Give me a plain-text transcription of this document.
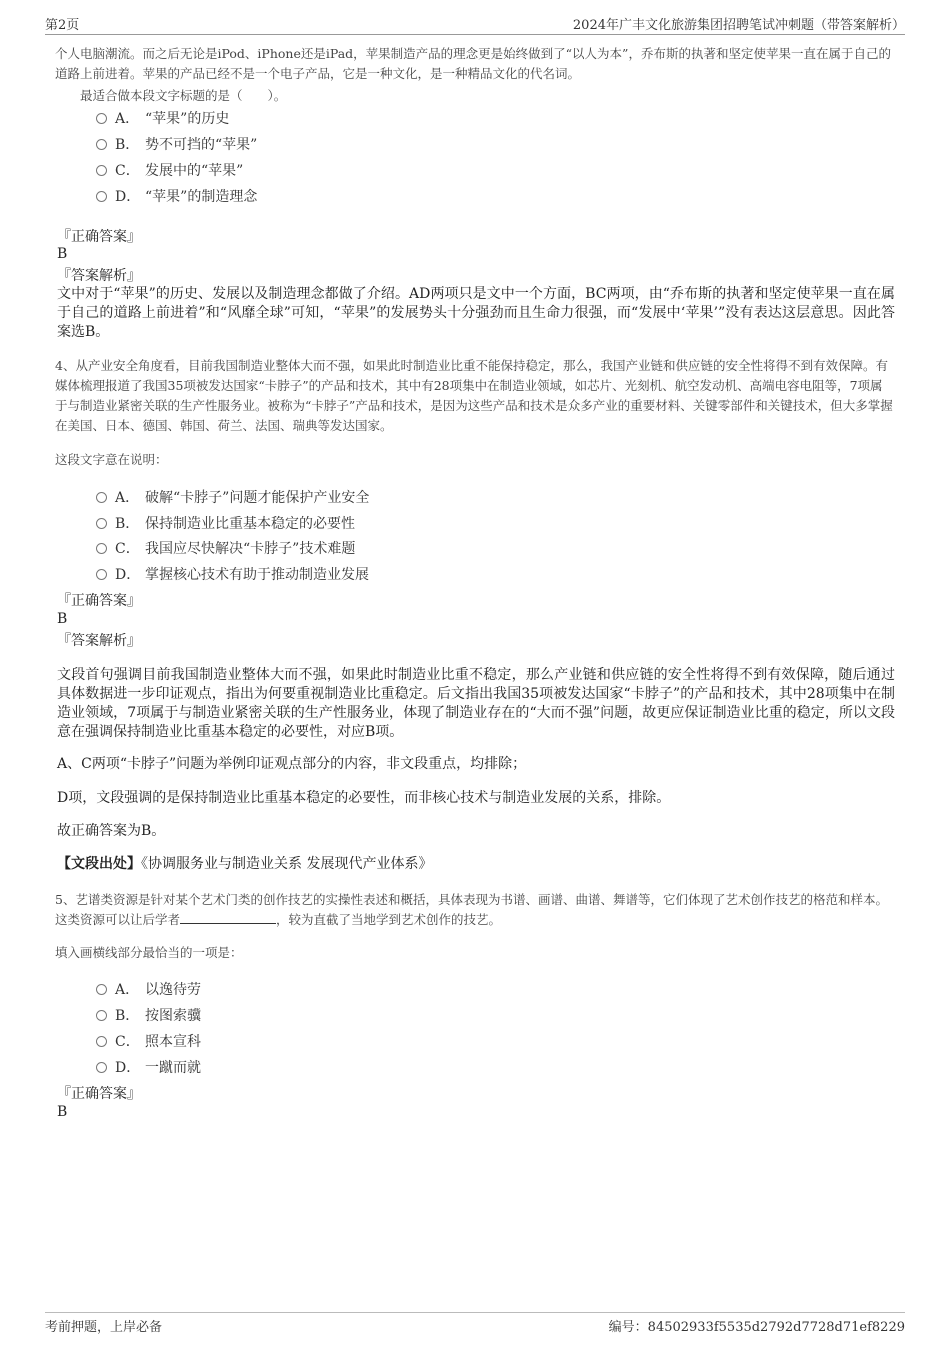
第2页	2024年广丰文化旅游集团招聘笔试冲刺题（带答案解析）
个人电脑潮流。而之后无论是iPod、iPhone还是iPad，苹果制造产品的理念更是始终做到了“以人为本”，乔布斯的执著和坚定使苹果一直在属于自己的道路上前进着。苹果的产品已经不是一个电子产品，它是一种文化，是一种精品文化的代名词。
最适合做本段文字标题的是（　　）。
A． “苹果”的历史
B． 势不可挡的“苹果”
C． 发展中的“苹果”
D． “苹果”的制造理念
『正确答案』
B
『答案解析』
文中对于“苹果”的历史、发展以及制造理念都做了介绍。AD两项只是文中一个方面，BC两项，由“乔布斯的执著和坚定使苹果一直在属于自己的道路上前进着”和“风靡全球”可知，“苹果”的发展势头十分强劲而且生命力很强，而“发展中‘苹果’”没有表达这层意思。因此答案选B。
4、从产业安全角度看，目前我国制造业整体大而不强，如果此时制造业比重不能保持稳定，那么，我国产业链和供应链的安全性将得不到有效保障。有媒体梳理报道了我国35项被发达国家“卡脖子”的产品和技术，其中有28项集中在制造业领域，如芯片、光刻机、航空发动机、高端电容电阻等，7项属于与制造业紧密关联的生产性服务业。被称为“卡脖子”产品和技术，是因为这些产品和技术是众多产业的重要材料、关键零部件和关键技术，但大多掌握在美国、日本、德国、韩国、荷兰、法国、瑞典等发达国家。
这段文字意在说明：
A． 破解“卡脖子”问题才能保护产业安全
B． 保持制造业比重基本稳定的必要性
C． 我国应尽快解决“卡脖子”技术难题
D． 掌握核心技术有助于推动制造业发展
『正确答案』
B
『答案解析』
文段首句强调目前我国制造业整体大而不强，如果此时制造业比重不稳定，那么产业链和供应链的安全性将得不到有效保障，随后通过具体数据进一步印证观点，指出为何要重视制造业比重稳定。后文指出我国35项被发达国家“卡脖子”的产品和技术，其中28项集中在制造业领域，7项属于与制造业紧密关联的生产性服务业，体现了制造业存在的“大而不强”问题，故更应保证制造业比重的稳定，所以文段意在强调保持制造业比重基本稳定的必要性，对应B项。
A、C两项“卡脖子”问题为举例印证观点部分的内容，非文段重点，均排除；
D项，文段强调的是保持制造业比重基本稳定的必要性，而非核心技术与制造业发展的关系，排除。
故正确答案为B。
【文段出处】《协调服务业与制造业关系 发展现代产业体系》
5、艺谱类资源是针对某个艺术门类的创作技艺的实操性表述和概括，具体表现为书谱、画谱、曲谱、舞谱等，它们体现了艺术创作技艺的格范和样本。这类资源可以让后学者	，较为直截了当地学到艺术创作的技艺。
填入画横线部分最恰当的一项是：
A． 以逸待劳
B． 按图索骥
C． 照本宣科
D． 一蹴而就
『正确答案』
B
考前押题，上岸必备	编号：84502933f5535d2792d7728d71ef8229
